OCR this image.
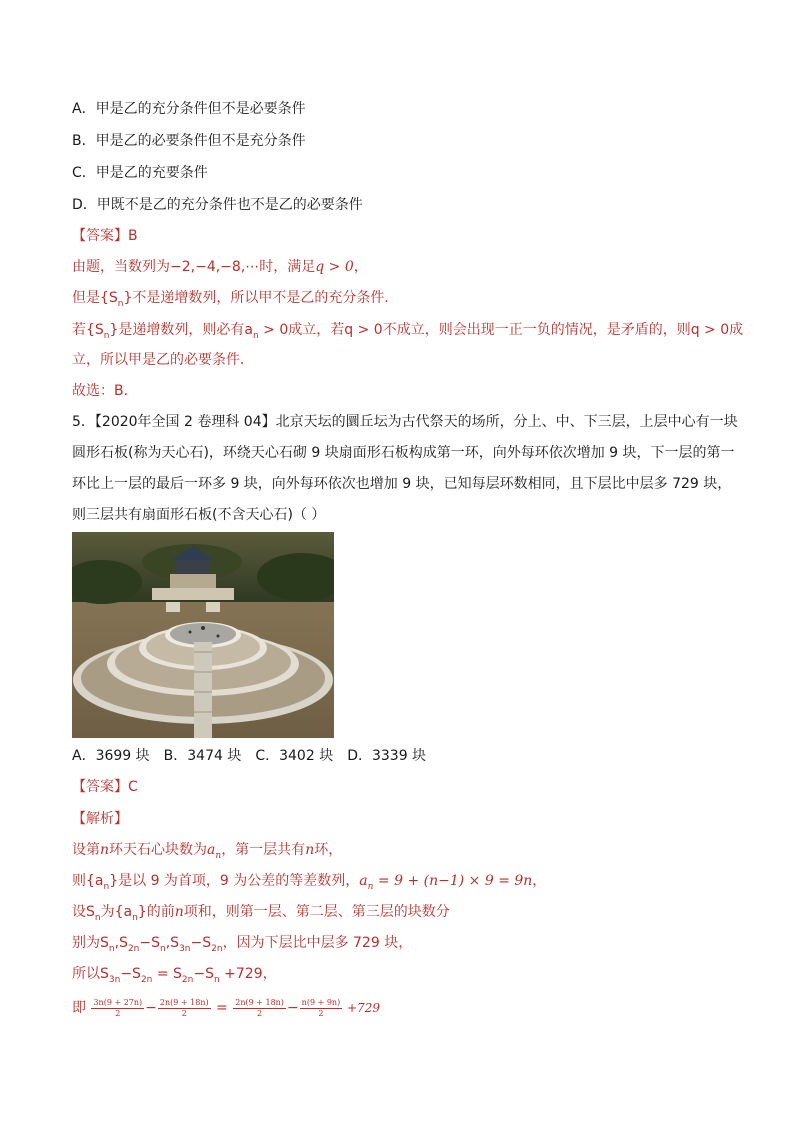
A．甲是乙的充分条件但不是必要条件
B．甲是乙的必要条件但不是充分条件
C．甲是乙的充要条件
D．甲既不是乙的充分条件也不是乙的必要条件
【答案】B
由题，当数列为−2,−4,−8,⋯时，满足q > 0，
但是$\{S_n\}$不是递增数列，所以甲不是乙的充分条件．
若$\{S_n\}$是递增数列，则必有$a_n > 0$成立，若q > 0不成立，则会出现一正一负的情况，是矛盾的，则q > 0成
立，所以甲是乙的必要条件．
故选：B．
5．【2020年全国 2 卷理科 04】北京天坛的圜丘坛为古代祭天的场所，分上、中、下三层，上层中心有一块
圆形石板(称为天心石)，环绕天心石砌 9 块扇面形石板构成第一环，向外每环依次增加 9 块，下一层的第一
环比上一层的最后一环多 9 块，向外每环依次也增加 9 块，已知每层环数相同，且下层比中层多 729 块，
则三层共有扇面形石板(不含天心石)（ ）
A．3699 块　B．3474 块　C．3402 块　D．3339 块
【答案】C
【解析】
设第n环天石心块数为$a_n$，第一层共有n环，
则$\{a_n\}$是以 9 为首项，9 为公差的等差数列，$a_n = 9 + (n-1) \times 9 = 9n$，
设$S_n$为$\{a_n\}$的前n项和，则第一层、第二层、第三层的块数分
别为$S_n,S_{2n}-S_n,S_{3n}-S_{2n}$，因为下层比中层多 729 块，
所以$S_{3n}-S_{2n} = S_{2n}-S_n +729$，
即 $\frac{3n(9 + 27n)}{2} - \frac{2n(9 + 18n)}{2} = \frac{2n(9 + 18n)}{2} - \frac{n(9 + 9n)}{2} +729$
